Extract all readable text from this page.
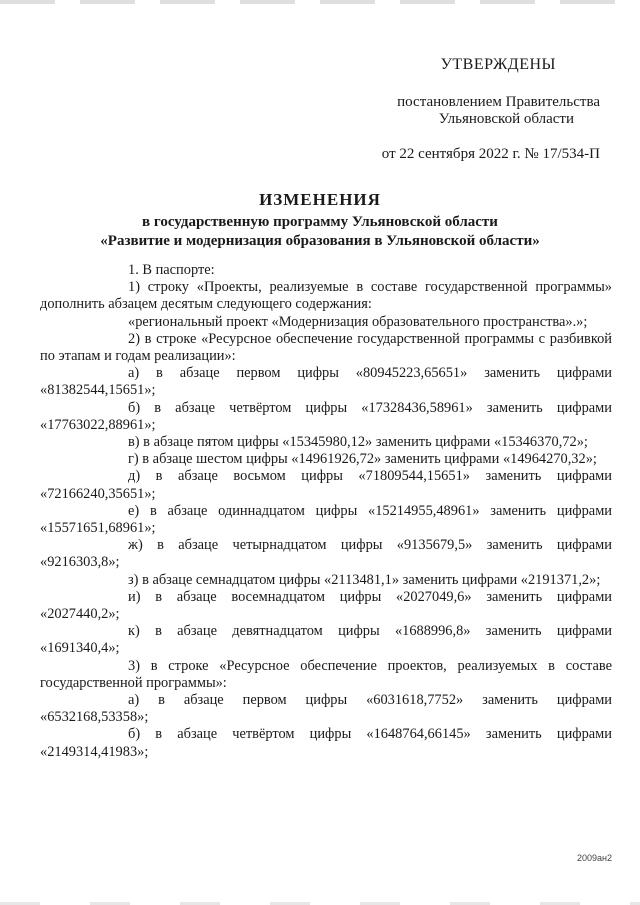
УТВЕРЖДЕНЫ
постановлением Правительства
Ульяновской области
от 22 сентября 2022 г. № 17/534-П
ИЗМЕНЕНИЯ
в государственную программу Ульяновской области
«Развитие и модернизация образования в Ульяновской области»

1. В паспорте:

1) строку «Проекты, реализуемые в составе государственной программы» дополнить абзацем десятым следующего содержания:

«региональный проект «Модернизация образовательного пространства».»;

2) в строке «Ресурсное обеспечение государственной программы с разбивкой по этапам и годам реализации»:

а) в абзаце первом цифры «80945223,65651» заменить цифрами «81382544,15651»;

б) в абзаце четвёртом цифры «17328436,58961» заменить цифрами «17763022,88961»;

в) в абзаце пятом цифры «15345980,12» заменить цифрами «15346370,72»;

г) в абзаце шестом цифры «14961926,72» заменить цифрами «14964270,32»;

д) в абзаце восьмом цифры «71809544,15651» заменить цифрами «72166240,35651»;

е) в абзаце одиннадцатом цифры «15214955,48961» заменить цифрами «15571651,68961»;

ж) в абзаце четырнадцатом цифры «9135679,5» заменить цифрами «9216303,8»;

з) в абзаце семнадцатом цифры «2113481,1» заменить цифрами «2191371,2»;

и) в абзаце восемнадцатом цифры «2027049,6» заменить цифрами «2027440,2»;

к) в абзаце девятнадцатом цифры «1688996,8» заменить цифрами «1691340,4»;

3) в строке «Ресурсное обеспечение проектов, реализуемых в составе государственной программы»:

а) в абзаце первом цифры «6031618,7752» заменить цифрами «6532168,53358»;

б) в абзаце четвёртом цифры «1648764,66145» заменить цифрами «2149314,41983»;

2009ан2
